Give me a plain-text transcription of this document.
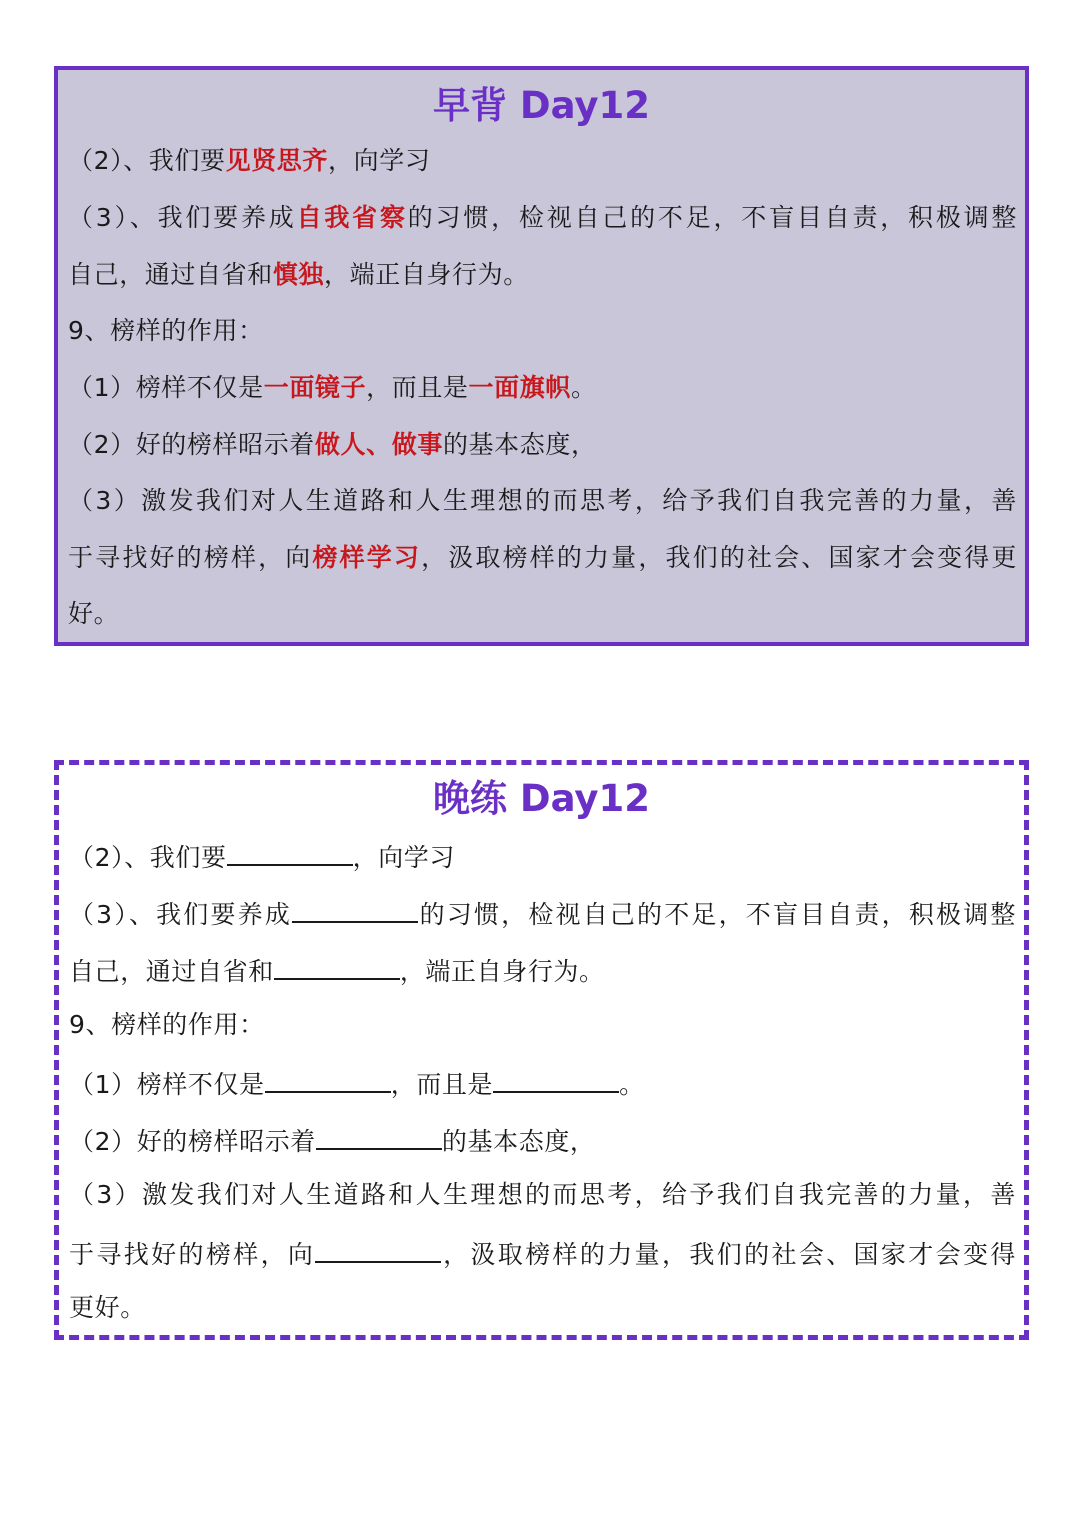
早背 Day12
（2）、我们要见贤思齐，向学习
（3）、我们要养成自我省察的习惯，检视自己的不足，不盲目自责，积极调整
自己，通过自省和慎独，端正自身行为。
9、榜样的作用：
（1）榜样不仅是一面镜子，而且是一面旗帜。
（2）好的榜样昭示着做人、做事的基本态度，
（3）激发我们对人生道路和人生理想的而思考，给予我们自我完善的力量，善
于寻找好的榜样，向榜样学习，汲取榜样的力量，我们的社会、国家才会变得更
好。
晚练 Day12
（2）、我们要	，向学习
（3）、我们要养成	的习惯，检视自己的不足，不盲目自责，积极调整
自己，通过自省和	，端正自身行为。
9、榜样的作用：
（1）榜样不仅是	，而且是	。
（2）好的榜样昭示着	的基本态度，
（3）激发我们对人生道路和人生理想的而思考，给予我们自我完善的力量，善
于寻找好的榜样，向	，汲取榜样的力量，我们的社会、国家才会变得
更好。
